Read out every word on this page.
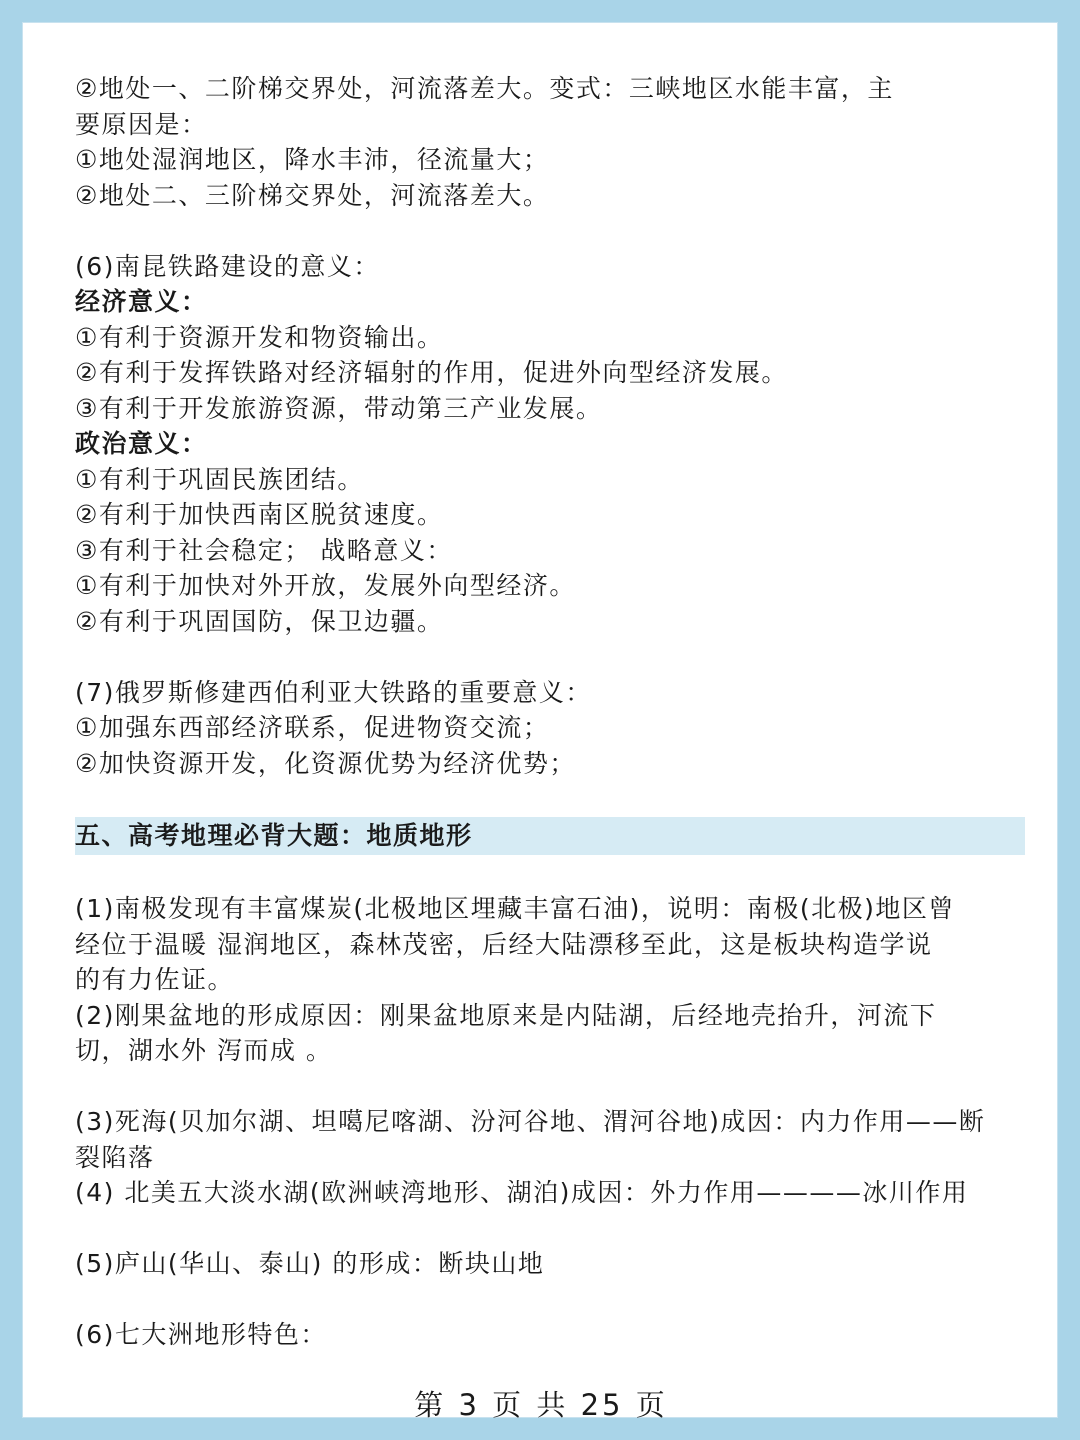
②地处一、二阶梯交界处，河流落差大。变式：三峡地区水能丰富，主

要原因是：

①地处湿润地区，降水丰沛，径流量大；

②地处二、三阶梯交界处，河流落差大。

(6)南昆铁路建设的意义：

经济意义：

①有利于资源开发和物资输出。

②有利于发挥铁路对经济辐射的作用，促进外向型经济发展。

③有利于开发旅游资源，带动第三产业发展。

政治意义：

①有利于巩固民族团结。

②有利于加快西南区脱贫速度。

③有利于社会稳定； 战略意义：

①有利于加快对外开放，发展外向型经济。

②有利于巩固国防，保卫边疆。

(7)俄罗斯修建西伯利亚大铁路的重要意义：

①加强东西部经济联系，促进物资交流；

②加快资源开发，化资源优势为经济优势；

五、高考地理必背大题：地质地形

(1)南极发现有丰富煤炭(北极地区埋藏丰富石油)，说明：南极(北极)地区曾

经位于温暖 湿润地区，森林茂密，后经大陆漂移至此，这是板块构造学说

的有力佐证。

(2)刚果盆地的形成原因：刚果盆地原来是内陆湖，后经地壳抬升，河流下

切，湖水外 泻而成 。

(3)死海(贝加尔湖、坦噶尼喀湖、汾河谷地、渭河谷地)成因：内力作用——断

裂陷落

(4) 北美五大淡水湖(欧洲峡湾地形、湖泊)成因：外力作用————冰川作用

(5)庐山(华山、泰山) 的形成：断块山地

(6)七大洲地形特色：

第 3 页 共 25 页
